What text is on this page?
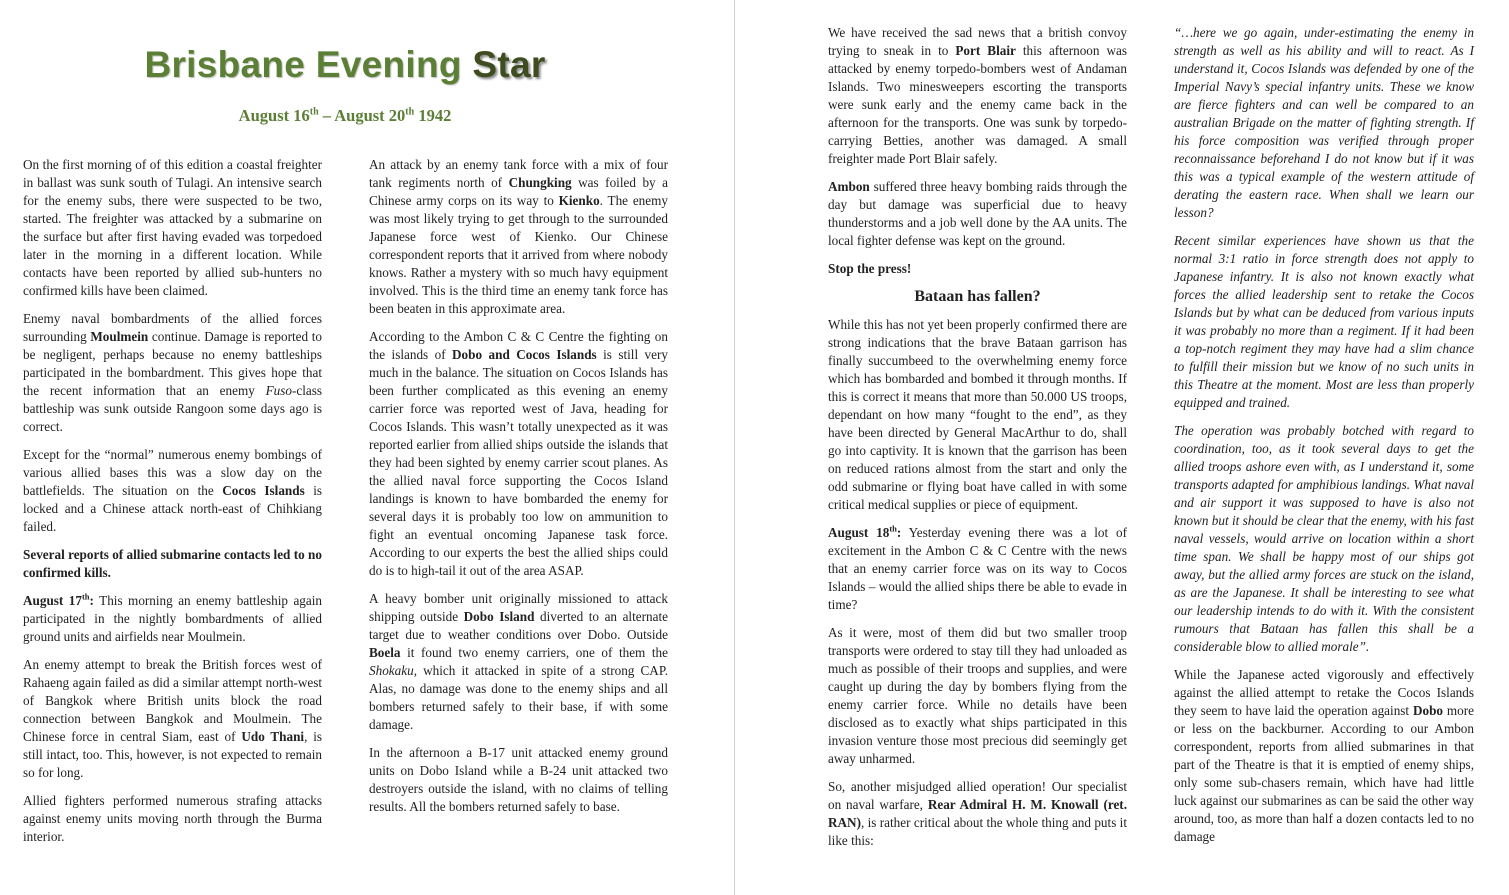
Brisbane Evening Star
August 16th – August 20th 1942

On the first morning of of this edition a coastal freighter in ballast was sunk south of Tulagi. An intensive search for the enemy subs, there were suspected to be two, started. The freighter was attacked by a submarine on the surface but after first having evaded was torpedoed later in the morning in a different location. While contacts have been reported by allied sub-hunters no confirmed kills have been claimed.

Enemy naval bombardments of the allied forces surrounding Moulmein continue. Damage is reported to be negligent, perhaps because no enemy battleships participated in the bombardment. This gives hope that the recent information that an enemy Fuso-class battleship was sunk outside Rangoon some days ago is correct.

Except for the “normal” numerous enemy bombings of various allied bases this was a slow day on the battlefields. The situation on the Cocos Islands is locked and a Chinese attack north-east of Chihkiang failed.

Several reports of allied submarine contacts led to no confirmed kills.

August 17th: This morning an enemy battleship again participated in the nightly bombardments of allied ground units and airfields near Moulmein.

An enemy attempt to break the British forces west of Rahaeng again failed as did a similar attempt north-west of Bangkok where British units block the road connection between Bangkok and Moulmein. The Chinese force in central Siam, east of Udo Thani, is still intact, too. This, however, is not expected to remain so for long.

Allied fighters performed numerous strafing attacks against enemy units moving north through the Burma interior.

An attack by an enemy tank force with a mix of four tank regiments north of Chungking was foiled by a Chinese army corps on its way to Kienko. The enemy was most likely trying to get through to the surrounded Japanese force west of Kienko. Our Chinese correspondent reports that it arrived from where nobody knows. Rather a mystery with so much havy equipment involved. This is the third time an enemy tank force has been beaten in this approximate area.

According to the Ambon C & C Centre the fighting on the islands of Dobo and Cocos Islands is still very much in the balance. The situation on Cocos Islands has been further complicated as this evening an enemy carrier force was reported west of Java, heading for Cocos Islands. This wasn’t totally unexpected as it was reported earlier from allied ships outside the islands that they had been sighted by enemy carrier scout planes. As the allied naval force supporting the Cocos Island landings is known to have bombarded the enemy for several days it is probably too low on ammunition to fight an eventual oncoming Japanese task force. According to our experts the best the allied ships could do is to high-tail it out of the area ASAP.

A heavy bomber unit originally missioned to attack shipping outside Dobo Island diverted to an alternate target due to weather conditions over Dobo. Outside Boela it found two enemy carriers, one of them the Shokaku, which it attacked in spite of a strong CAP. Alas, no damage was done to the enemy ships and all bombers returned safely to their base, if with some damage.

In the afternoon a B-17 unit attacked enemy ground units on Dobo Island while a B-24 unit attacked two destroyers outside the island, with no claims of telling results. All the bombers returned safely to base.

We have received the sad news that a british convoy trying to sneak in to Port Blair this afternoon was attacked by enemy torpedo-bombers west of Andaman Islands. Two minesweepers escorting the transports were sunk early and the enemy came back in the afternoon for the transports. One was sunk by torpedo-carrying Betties, another was damaged. A small freighter made Port Blair safely.

Ambon suffered three heavy bombing raids through the day but damage was superficial due to heavy thunderstorms and a job well done by the AA units. The local fighter defense was kept on the ground.

Stop the press!

Bataan has fallen?

While this has not yet been properly confirmed there are strong indications that the brave Bataan garrison has finally succumbeed to the overwhelming enemy force which has bombarded and bombed it through months. If this is correct it means that more than 50.000 US troops, dependant on how many “fought to the end”, as they have been directed by General MacArthur to do, shall go into captivity. It is known that the garrison has been on reduced rations almost from the start and only the odd submarine or flying boat have called in with some critical medical supplies or piece of equipment.

August 18th: Yesterday evening there was a lot of excitement in the Ambon C & C Centre with the news that an enemy carrier force was on its way to Cocos Islands – would the allied ships there be able to evade in time?

As it were, most of them did but two smaller troop transports were ordered to stay till they had unloaded as much as possible of their troops and supplies, and were caught up during the day by bombers flying from the enemy carrier force. While no details have been disclosed as to exactly what ships participated in this invasion venture those most precious did seemingly get away unharmed.

So, another misjudged allied operation! Our specialist on naval warfare, Rear Admiral H. M. Knowall (ret. RAN), is rather critical about the whole thing and puts it like this:

“…here we go again, under-estimating the enemy in strength as well as his ability and will to react. As I understand it, Cocos Islands was defended by one of the Imperial Navy’s special infantry units. These we know are fierce fighters and can well be compared to an australian Brigade on the matter of fighting strength. If his force composition was verified through proper reconnaissance beforehand I do not know but if it was this was a typical example of the western attitude of derating the eastern race. When shall we learn our lesson?

Recent similar experiences have shown us that the normal 3:1 ratio in force strength does not apply to Japanese infantry. It is also not known exactly what forces the allied leadership sent to retake the Cocos Islands but by what can be deduced from various inputs it was probably no more than a regiment. If it had been a top-notch regiment they may have had a slim chance to fulfill their mission but we know of no such units in this Theatre at the moment. Most are less than properly equipped and trained.

The operation was probably botched with regard to coordination, too, as it took several days to get the allied troops ashore even with, as I understand it, some transports adapted for amphibious landings. What naval and air support it was supposed to have is also not known but it should be clear that the enemy, with his fast naval vessels, would arrive on location within a short time span. We shall be happy most of our ships got away, but the allied army forces are stuck on the island, as are the Japanese. It shall be interesting to see what our leadership intends to do with it. With the consistent rumours that Bataan has fallen this shall be a considerable blow to allied morale”.

While the Japanese acted vigorously and effectively against the allied attempt to retake the Cocos Islands they seem to have laid the operation against Dobo more or less on the backburner. According to our Ambon correspondent, reports from allied submarines in that part of the Theatre is that it is emptied of enemy ships, only some sub-chasers remain, which have had little luck against our submarines as can be said the other way around, too, as more than half a dozen contacts led to no damage
